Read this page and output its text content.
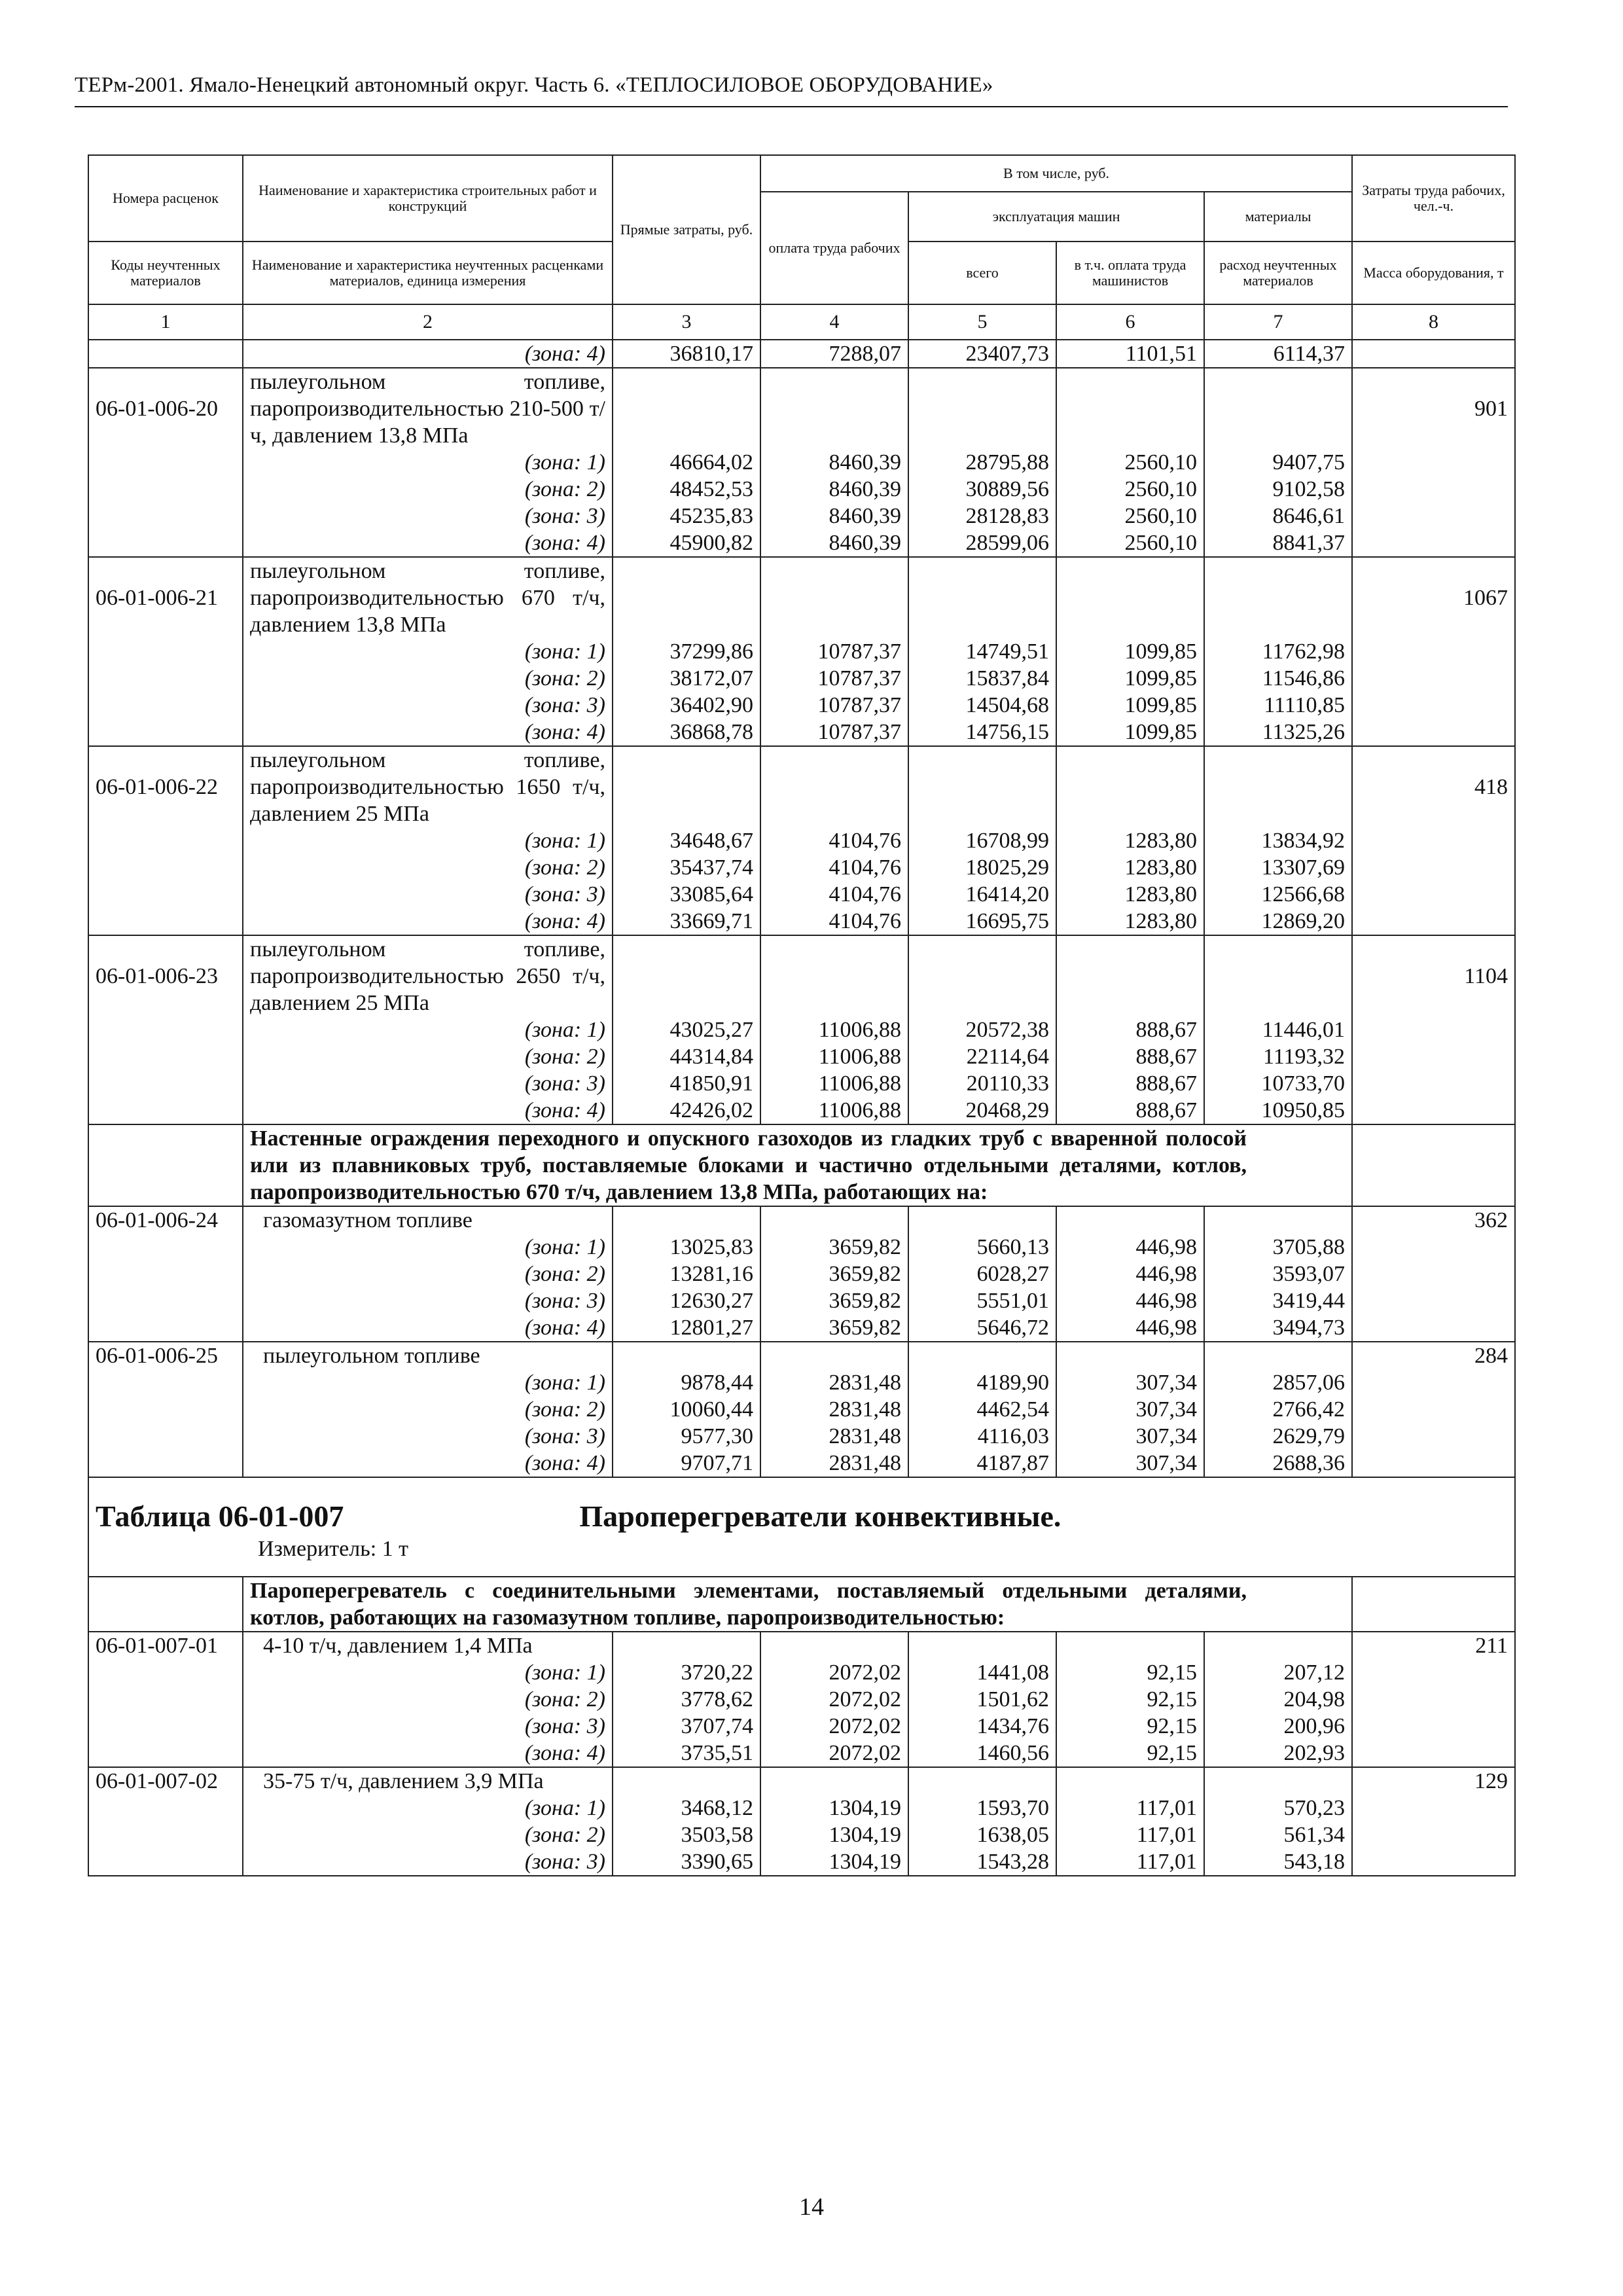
ТЕРм-2001. Ямало-Ненецкий автономный округ. Часть 6. «ТЕПЛОСИЛОВОЕ ОБОРУДОВАНИЕ»
Номера расценок	Наименование и характеристика строительных работ и конструкций	Прямые затраты, руб.	В том числе, руб.				Затраты труда рабочих, чел.-ч.
			оплата труда рабочих	эксплуатация машин		материалы	
Коды неучтенных материалов	Наименование и характеристика неучтенных расценками материалов, единица измерения			всего	в т.ч. оплата труда машинистов	расход неучтенных материалов	Масса оборудования, т
1	2	3	4	5	6	7	8
	(зона: 4)	36810,17	7288,07	23407,73	1101,51	6114,37	
06-01-006-20	пылеугольном топливе, паропроизводительностью 210-500 т/ч, давлением 13,8 МПа						901
	(зона: 1)	46664,02	8460,39	28795,88	2560,10	9407,75	
	(зона: 2)	48452,53	8460,39	30889,56	2560,10	9102,58	
	(зона: 3)	45235,83	8460,39	28128,83	2560,10	8646,61	
	(зона: 4)	45900,82	8460,39	28599,06	2560,10	8841,37	
06-01-006-21	пылеугольном топливе, паропроизводительностью 670 т/ч, давлением 13,8 МПа						1067
	(зона: 1)	37299,86	10787,37	14749,51	1099,85	11762,98	
	(зона: 2)	38172,07	10787,37	15837,84	1099,85	11546,86	
	(зона: 3)	36402,90	10787,37	14504,68	1099,85	11110,85	
	(зона: 4)	36868,78	10787,37	14756,15	1099,85	11325,26	
06-01-006-22	пылеугольном топливе, паропроизводительностью 1650 т/ч, давлением 25 МПа						418
	(зона: 1)	34648,67	4104,76	16708,99	1283,80	13834,92	
	(зона: 2)	35437,74	4104,76	18025,29	1283,80	13307,69	
	(зона: 3)	33085,64	4104,76	16414,20	1283,80	12566,68	
	(зона: 4)	33669,71	4104,76	16695,75	1283,80	12869,20	
06-01-006-23	пылеугольном топливе, паропроизводительностью 2650 т/ч, давлением 25 МПа						1104
	(зона: 1)	43025,27	11006,88	20572,38	888,67	11446,01	
	(зона: 2)	44314,84	11006,88	22114,64	888,67	11193,32	
	(зона: 3)	41850,91	11006,88	20110,33	888,67	10733,70	
	(зона: 4)	42426,02	11006,88	20468,29	888,67	10950,85	
	Настенные ограждения переходного и опускного газоходов из гладких труб с вваренной полосой или из плавниковых труб, поставляемые блоками и частично отдельными деталями, котлов, паропроизводительностью 670 т/ч, давлением 13,8 МПа, работающих на:						
06-01-006-24	газомазутном топливе						362
	(зона: 1)	13025,83	3659,82	5660,13	446,98	3705,88	
	(зона: 2)	13281,16	3659,82	6028,27	446,98	3593,07	
	(зона: 3)	12630,27	3659,82	5551,01	446,98	3419,44	
	(зона: 4)	12801,27	3659,82	5646,72	446,98	3494,73	
06-01-006-25	пылеугольном топливе						284
	(зона: 1)	9878,44	2831,48	4189,90	307,34	2857,06	
	(зона: 2)	10060,44	2831,48	4462,54	307,34	2766,42	
	(зона: 3)	9577,30	2831,48	4116,03	307,34	2629,79	
	(зона: 4)	9707,71	2831,48	4187,87	307,34	2688,36	
Таблица 06-01-007 Пароперегреватели конвективные.
Измеритель: 1 т							

	Пароперегреватель с соединительными элементами, поставляемый отдельными деталями, котлов, работающих на газомазутном топливе, паропроизводительностью:						
06-01-007-01	4-10 т/ч, давлением 1,4 МПа						211
	(зона: 1)	3720,22	2072,02	1441,08	92,15	207,12	
	(зона: 2)	3778,62	2072,02	1501,62	92,15	204,98	
	(зона: 3)	3707,74	2072,02	1434,76	92,15	200,96	
	(зона: 4)	3735,51	2072,02	1460,56	92,15	202,93	
06-01-007-02	35-75 т/ч, давлением 3,9 МПа						129
	(зона: 1)	3468,12	1304,19	1593,70	117,01	570,23	
	(зона: 2)	3503,58	1304,19	1638,05	117,01	561,34	
	(зона: 3)	3390,65	1304,19	1543,28	117,01	543,18	
14
